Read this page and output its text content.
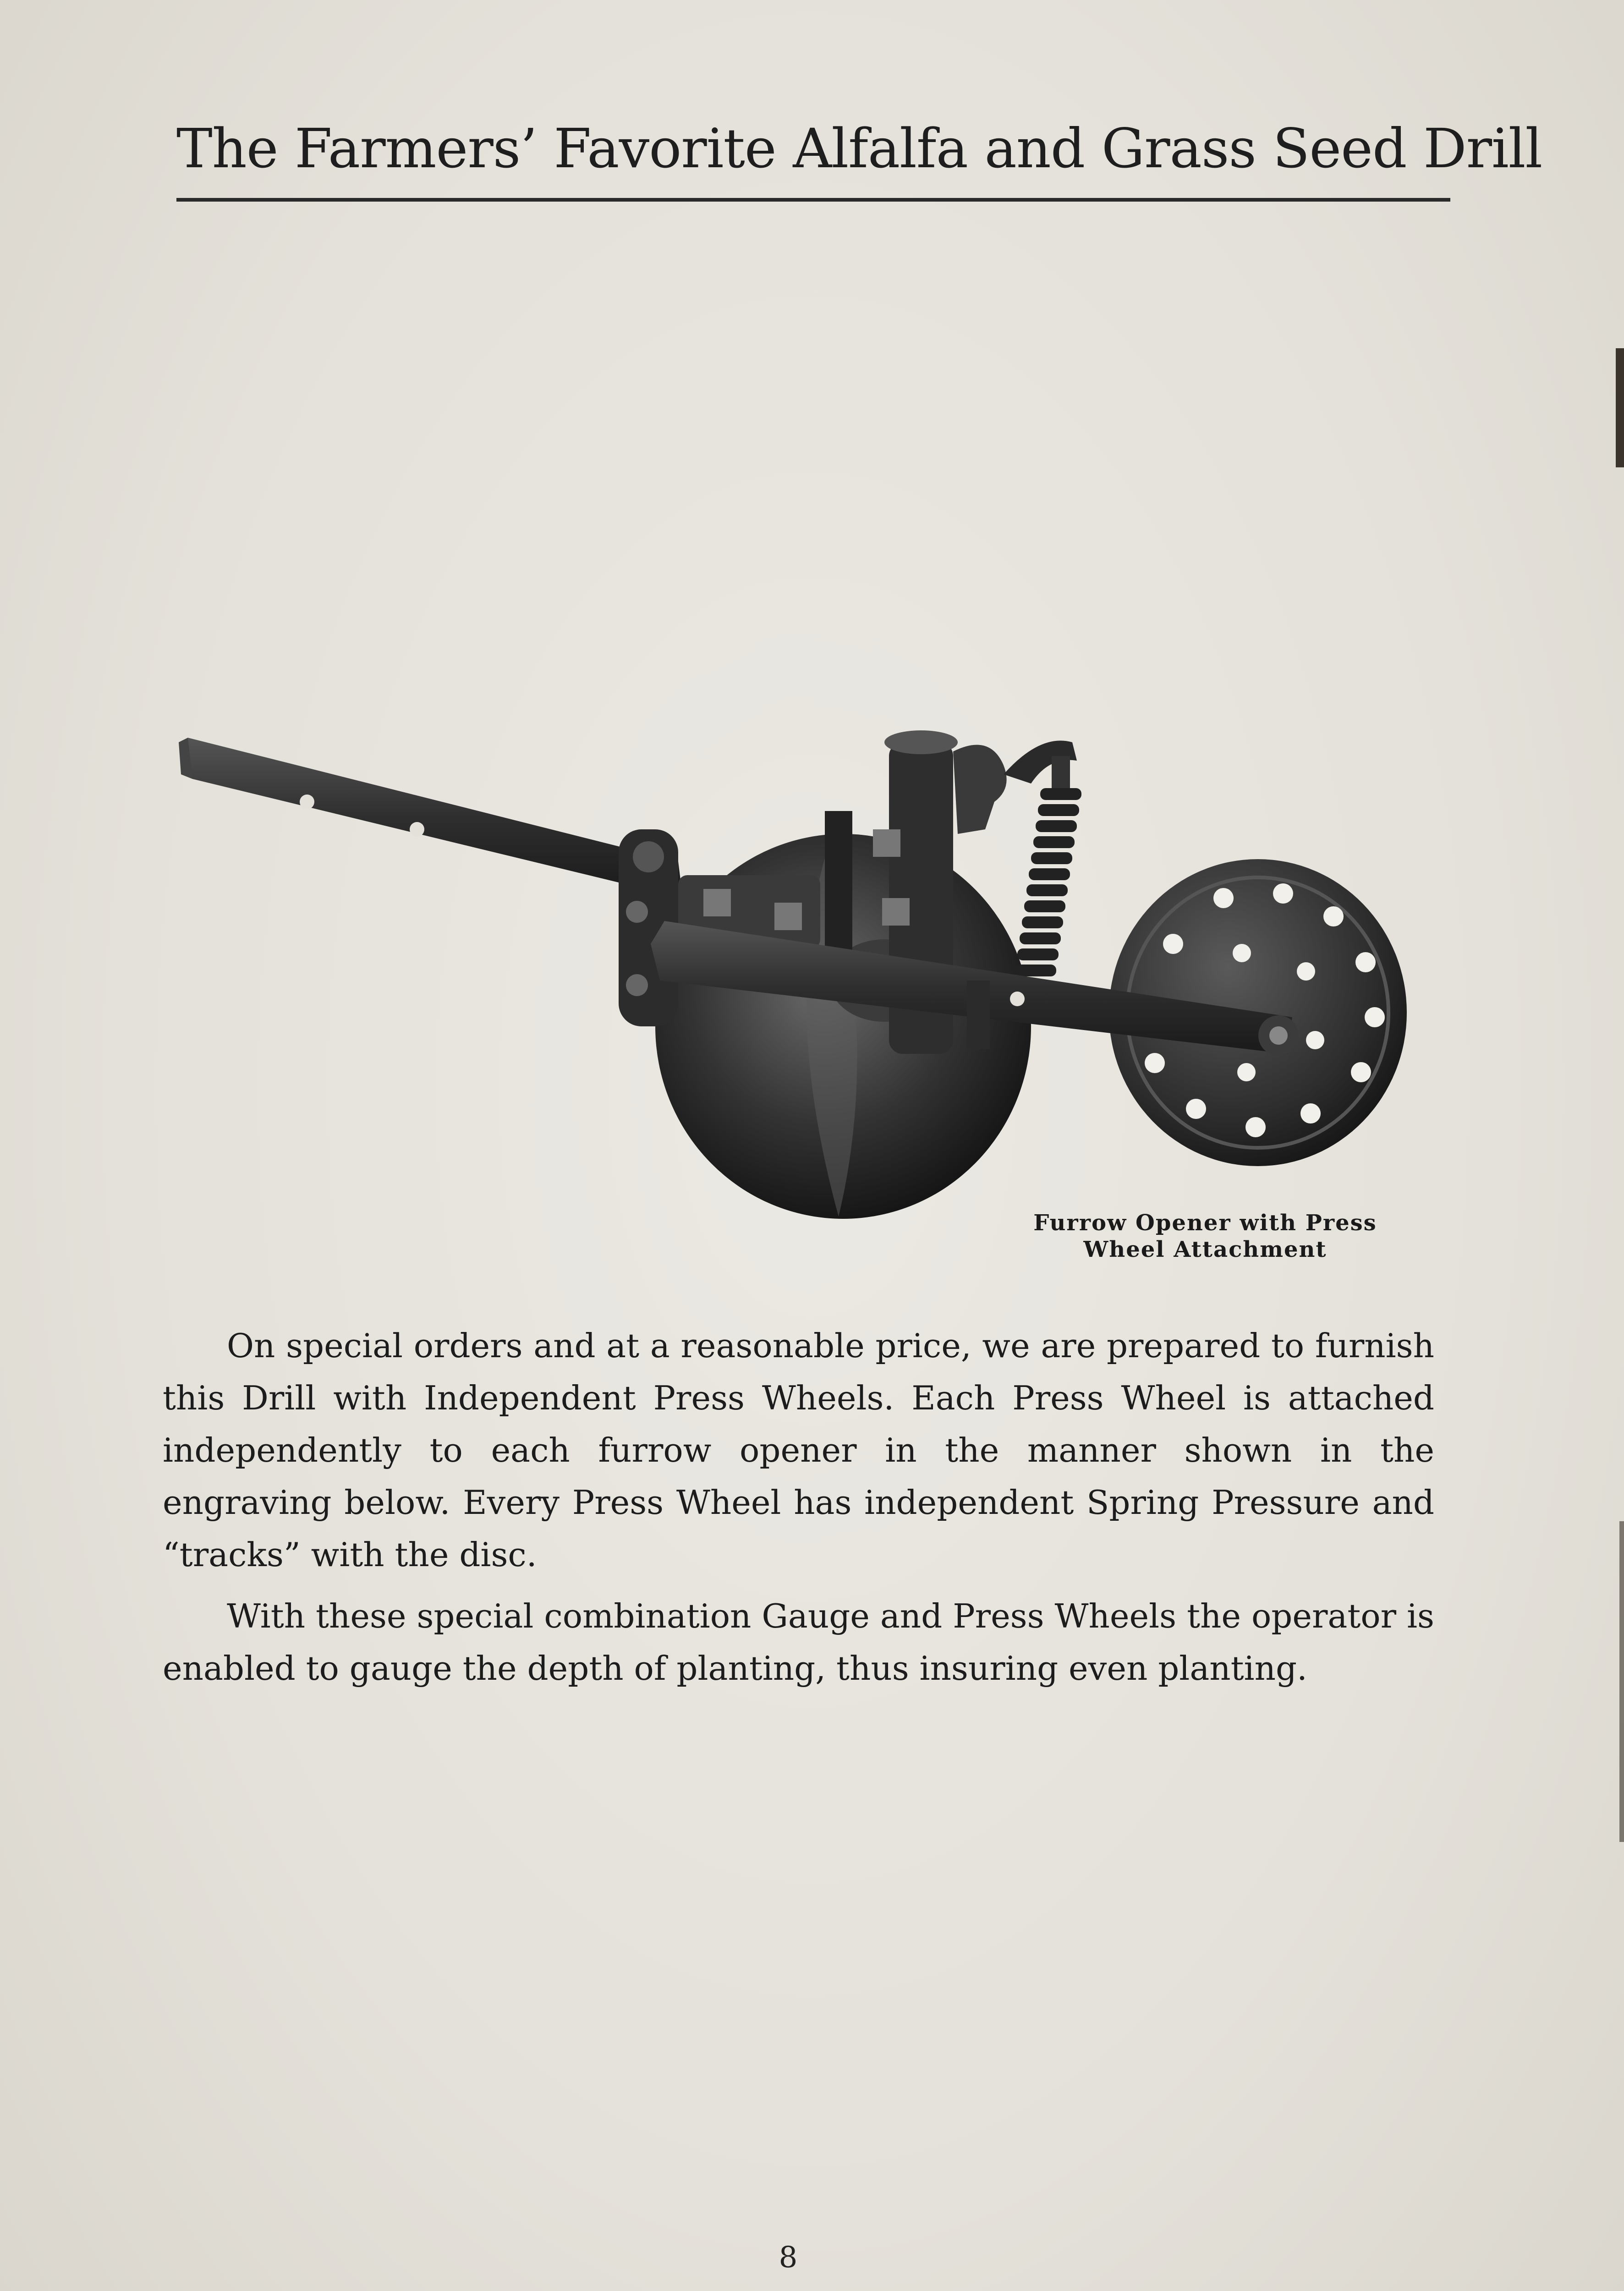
The Farmers’ Favorite Alfalfa and Grass Seed Drill
Furrow Opener with Press
Wheel Attachment

On special orders and at a reasonable price, we are prepared to furnish this Drill with Independent Press Wheels. Each Press Wheel is attached independently to each furrow opener in the manner shown in the engraving below. Every Press Wheel has independent Spring Pressure and “tracks” with the disc.

With these special combination Gauge and Press Wheels the operator is enabled to gauge the depth of planting, thus insuring even planting.

8
